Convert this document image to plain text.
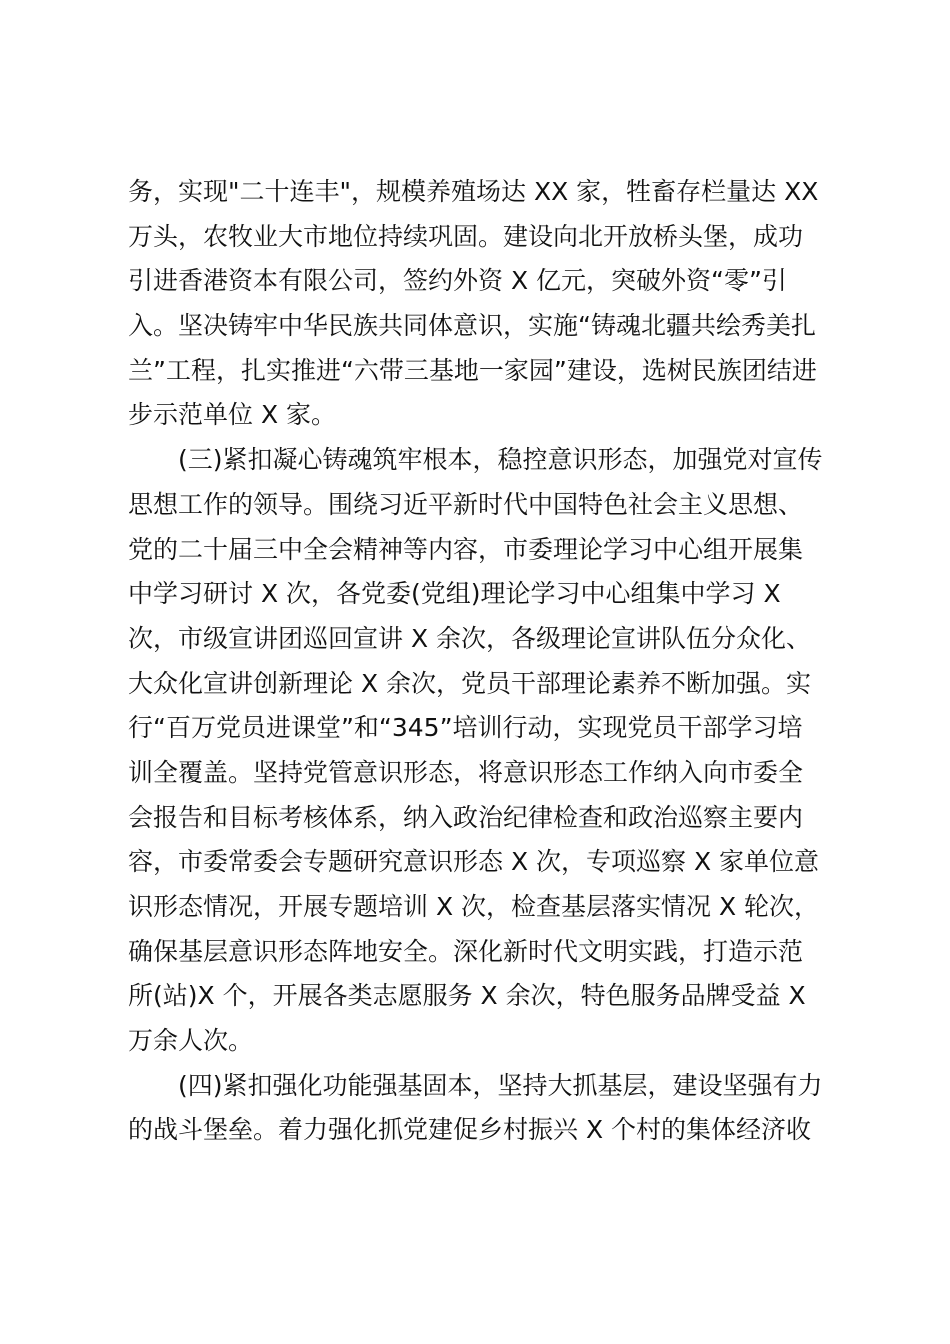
务，实现"二十连丰"，规模养殖场达 XX 家，牲畜存栏量达 XX
万头，农牧业大市地位持续巩固。建设向北开放桥头堡，成功
引进香港资本有限公司，签约外资 X 亿元，突破外资“零”引
入。坚决铸牢中华民族共同体意识，实施“铸魂北疆共绘秀美扎
兰”工程，扎实推进“六带三基地一家园”建设，选树民族团结进
步示范单位 X 家。
(三)紧扣凝心铸魂筑牢根本，稳控意识形态，加强党对宣传
思想工作的领导。围绕习近平新时代中国特色社会主义思想、
党的二十届三中全会精神等内容，市委理论学习中心组开展集
中学习研讨 X 次，各党委(党组)理论学习中心组集中学习 X
次，市级宣讲团巡回宣讲 X 余次，各级理论宣讲队伍分众化、
大众化宣讲创新理论 X 余次，党员干部理论素养不断加强。实
行“百万党员进课堂”和“345”培训行动，实现党员干部学习培
训全覆盖。坚持党管意识形态，将意识形态工作纳入向市委全
会报告和目标考核体系，纳入政治纪律检查和政治巡察主要内
容，市委常委会专题研究意识形态 X 次，专项巡察 X 家单位意
识形态情况，开展专题培训 X 次，检查基层落实情况 X 轮次，
确保基层意识形态阵地安全。深化新时代文明实践，打造示范
所(站)X 个，开展各类志愿服务 X 余次，特色服务品牌受益 X
万余人次。
(四)紧扣强化功能强基固本，坚持大抓基层，建设坚强有力
的战斗堡垒。着力强化抓党建促乡村振兴 X 个村的集体经济收
